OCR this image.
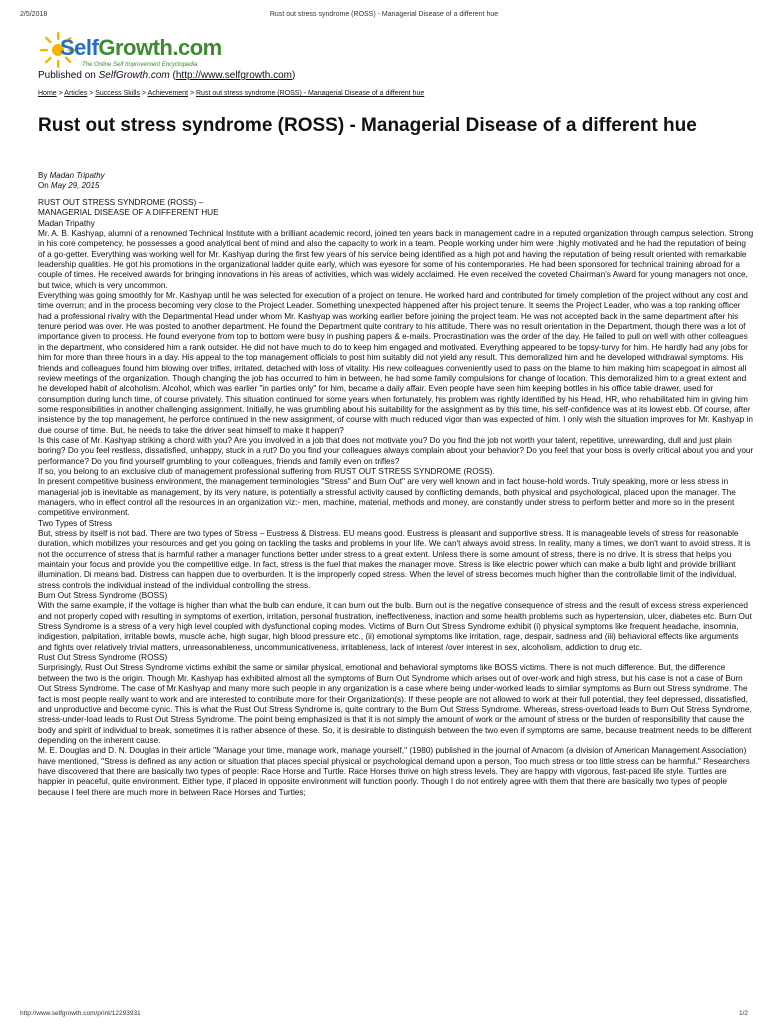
2/5/2018	Rust out stress syndrome (ROSS) - Managerial Disease of a different hue
SelfGrowth.com
The Online Self Improvement Encyclopedia
Published on SelfGrowth.com (http://www.selfgrowth.com)
Home > Articles > Success Skills > Achievement > Rust out stress syndrome (ROSS) - Managerial Disease of a different hue
Rust out stress syndrome (ROSS) - Managerial Disease of a different hue
By Madan Tripathy
On May 29, 2015

RUST OUT STRESS SYNDROME (ROSS) –

MANAGERIAL DISEASE OF A DIFFERENT HUE

Madan Tripathy

Mr. A. B. Kashyap, alumni of a renowned Technical Institute with a brilliant academic record, joined ten years back in management cadre in a reputed organization through campus selection. Strong in his core competency, he possesses a good analytical bent of mind and also the capacity to work in a team. People working under him were .highly motivated and he had the reputation of being of a go-getter. Everything was working well for Mr. Kashyap during the first few years of his service being identified as a high pot and having the reputation of being result oriented with remarkable leadership qualities. He got his promotions in the organizational ladder quite early, which was eyesore for some of his contemporaries. He had been sponsored for technical training abroad for a couple of times. He received awards for bringing innovations in his areas of activities, which was widely acclaimed. He even received the coveted Chairman's Award for young managers not once, but twice, which is very uncommon.

Everything was going smoothly for Mr. Kashyap until he was selected for execution of a project on tenure. He worked hard and contributed for timely completion of the project without any cost and time overrun; and in the process becoming very close to the Project Leader. Something unexpected happened after his project tenure. It seems the Project Leader, who was a top ranking officer had a professional rivalry with the Departmental Head under whom Mr. Kashyap was working earlier before joining the project team. He was not accepted back in the same department after his tenure period was over. He was posted to another department. He found the Department quite contrary to his attitude. There was no result orientation in the Department, though there was a lot of importance given to process. He found everyone from top to bottom were busy in pushing papers & e-mails. Procrastination was the order of the day. He failed to pull on well with other colleagues in the department, who considered him a rank outsider. He did not have much to do to keep him engaged and motivated. Everything appeared to be topsy-turvy for him. He hardly had any jobs for him for more than three hours in a day. His appeal to the top management officials to post him suitably did not yield any result. This demoralized him and he developed withdrawal symptoms. His friends and colleagues found him blowing over trifles, irritated, detached with loss of vitality. His new colleagues conveniently used to pass on the blame to him making him scapegoat in almost all review meetings of the organization. Though changing the job has occurred to him in between, he had some family compulsions for change of location. This demoralized him to a great extent and he developed habit of alcoholism. Alcohol, which was earlier "in parties only" for him, became a daily affair. Even people have seen him keeping bottles in his office table drawer, used for consumption during lunch time, of course privately. This situation continued for some years when fortunately, his problem was rightly identified by his Head, HR, who rehabilitated him in giving him some responsibilities in another challenging assignment. Initially, he was grumbling about his suitability for the assignment as by this time, his self-confidence was at its lowest ebb. Of course, after insistence by the top management, he perforce continued in the new assignment, of course with much reduced vigor than was expected of him. I only wish the situation improves for Mr. Kashyap in due course of time. But, he needs to take the driver seat himself to make it happen?

Is this case of Mr. Kashyap striking a chord with you? Are you involved in a job that does not motivate you? Do you find the job not worth your talent, repetitive, unrewarding, dull and just plain boring? Do you feel restless, dissatisfied, unhappy, stuck in a rut? Do you find your colleagues always complain about your behavior? Do you feel that your boss is overly critical about you and your performance? Do you find yourself grumbling to your colleagues, friends and family even on trifles?

If so, you belong to an exclusive club of management professional suffering from RUST OUT STRESS SYNDROME (ROSS).

In present competitive business environment, the management terminologies "Stress" and Burn Out" are very well known and in fact house-hold words. Truly speaking, more or less stress in managerial job is inevitable as management, by its very nature, is potentially a stressful activity caused by conflicting demands, both physical and psychological, placed upon the manager. The managers, who in effect control all the resources in an organization viz:- men, machine, material, methods and money, are constantly under stress to perform better and more so in the present competitive environment.

Two Types of Stress

But, stress by itself is not bad. There are two types of Stress – Eustress & Distress. EU means good. Eustress is pleasant and supportive stress. It is manageable levels of stress for reasonable duration, which mobilizes your resources and get you going on tackling the tasks and problems in your life. We can't always avoid stress. In reality, many a times, we don't want to avoid stress. It is not the occurrence of stress that is harmful rather a manager functions better under stress to a great extent. Unless there is some amount of stress, there is no drive. It is stress that helps you maintain your focus and provide you the competitive edge. In fact, stress is the fuel that makes the manager move. Stress is like electric power which can make a bulb light and provide brilliant illumination. Di means bad. Distress can happen due to overburden. It is the improperly coped stress. When the level of stress becomes much higher than the controllable limit of the individual, stress controls the individual instead of the individual controlling the stress.

Burn Out Stress Syndrome (BOSS)

With the same example, if the voltage is higher than what the bulb can endure, it can burn out the bulb. Burn out is the negative consequence of stress and the result of excess stress experienced and not properly coped with resulting in symptoms of exertion, irritation, personal frustration, ineffectiveness, inaction and some health problems such as hypertension, ulcer, diabetes etc. Burn Out Stress Syndrome is a stress of a very high level coupled with dysfunctional coping modes. Victims of Burn Out Stress Syndrome exhibit (i) physical symptoms like frequent headache, insomnia, indigestion, palpitation, irritable bowls, muscle ache, high sugar, high blood pressure etc., (ii) emotional symptoms like irritation, rage, despair, sadness and (iii) behavioral effects like arguments and fights over relatively trivial matters, unreasonableness, uncommunicativeness, irritableness, lack of interest /over interest in sex, alcoholism, addiction to drug etc.

Rust Out Stress Syndrome (ROSS)

Surprisingly, Rust Out Stress Syndrome victims exhibit the same or similar physical, emotional and behavioral symptoms like BOSS victims. There is not much difference. But, the difference between the two is the origin. Though Mr. Kashyap has exhibited almost all the symptoms of Burn Out Syndrome which arises out of over-work and high stress, but his case is not a case of Burn Out Stress Syndrome. The case of Mr.Kashyap and many more such people in any organization is a case where being under-worked leads to similar symptoms as Burn out Stress syndrome. The fact is most people really want to work and are interested to contribute more for their Organization(s). If these people are not allowed to work at their full potential, they feel depressed, dissatisfied, and unproductive and become cynic. This is what the Rust Out Stress Syndrome is, quite contrary to the Burn Out Stress Syndrome. Whereas, stress-overload leads to Burn Out Stress Syndrome, stress-under-load leads to Rust Out Stress Syndrome. The point being emphasized is that it is not simply the amount of work or the amount of stress or the burden of responsibility that cause the

body and spirit of individual to break, sometimes it is rather absence of these. So, it is desirable to distinguish between the two even if symptoms are same, because treatment needs to be different depending on the inherent cause.

M. E. Douglas and D. N. Douglas in their article "Manage your time, manage work, manage yourself," (1980) published in the journal of Amacom (a division of American Management Association) have mentioned, "Stress is defined as any action or situation that places special physical or psychological demand upon a person, Too much stress or too little stress can be harmful." Researchers have discovered that there are basically two types of people: Race Horse and Turtle. Race Horses thrive on high stress levels. They are happy with vigorous, fast-paced life style. Turtles are happier in peaceful, quite environment. Either type, if placed in opposite environment will function poorly. Though I do not entirely agree with them that there are basically two types of people because I feel there are much more in between Race Horses and Turtles;

http://www.selfgrowth.com/print/12293931	1/2
